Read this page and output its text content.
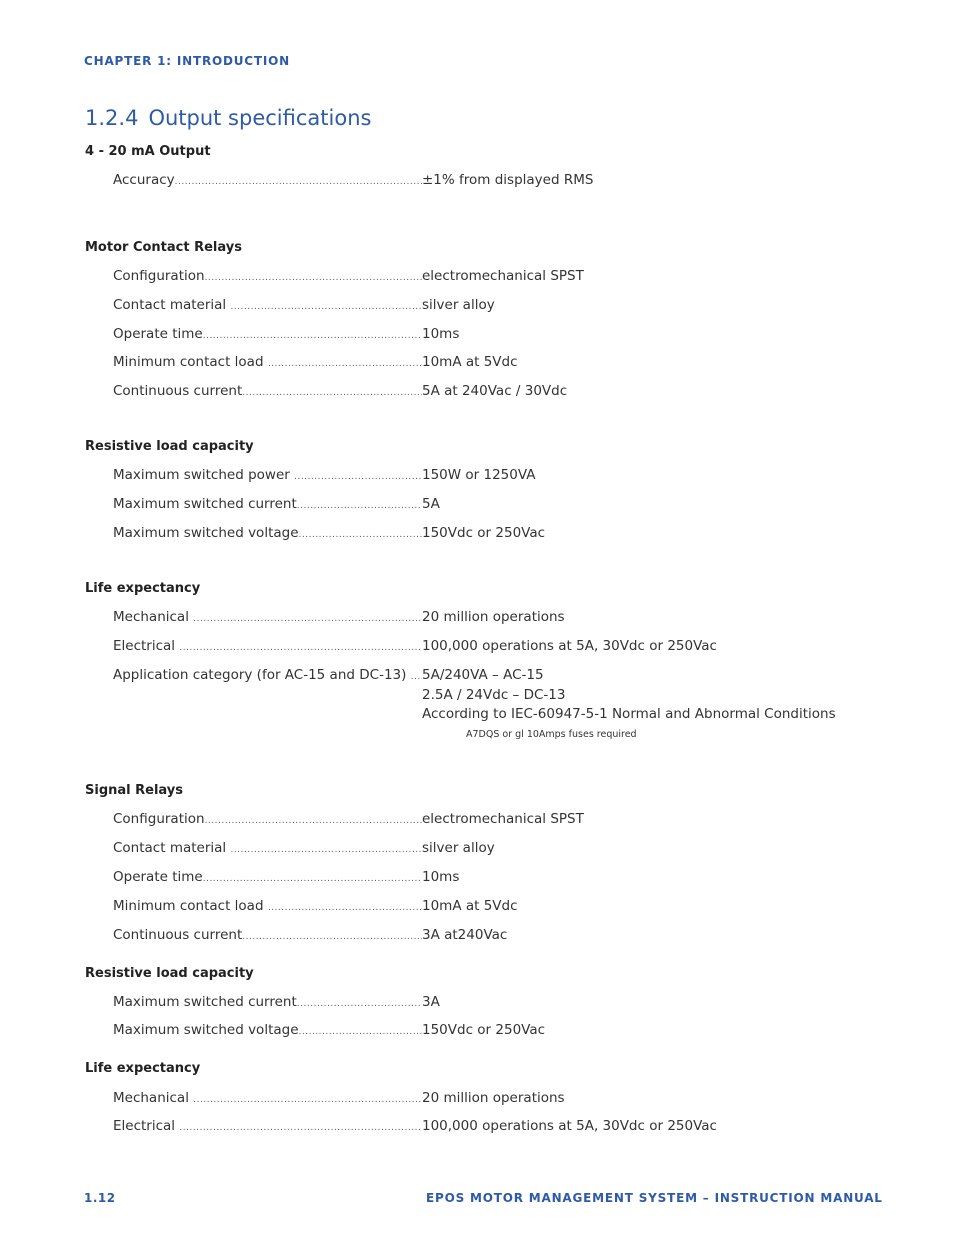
CHAPTER 1: INTRODUCTION
1.2.4 Output specifications
4 - 20 mA Output
Accuracy .....	±1% from displayed RMS
Motor Contact Relays
Configuration .....	electromechanical SPST
Contact material .....	silver alloy
Operate time .....	10ms
Minimum contact load .....	10mA at 5Vdc
Continuous current .....	5A at 240Vac / 30Vdc
Resistive load capacity
Maximum switched power .....	150W or 1250VA
Maximum switched current .....	5A
Maximum switched voltage .....	150Vdc or 250Vac
Life expectancy
Mechanical .....	20 million operations
Electrical .....	100,000 operations at 5A, 30Vdc or 250Vac
Application category (for AC-15 and DC-13) ..... 5A/240VA – AC-15
2.5A / 24Vdc – DC-13
According to IEC-60947-5-1 Normal and Abnormal Conditions
A7DQS or gl 10Amps fuses required
Signal Relays
Configuration .....	electromechanical SPST
Contact material .....	silver alloy
Operate time .....	10ms
Minimum contact load .....	10mA at 5Vdc
Continuous current .....	3A at240Vac
Resistive load capacity
Maximum switched current .....	3A
Maximum switched voltage .....	150Vdc or 250Vac
Life expectancy
Mechanical .....	20 million operations
Electrical .....	100,000 operations at 5A, 30Vdc or 250Vac
1.12	EPOS MOTOR MANAGEMENT SYSTEM – INSTRUCTION MANUAL
